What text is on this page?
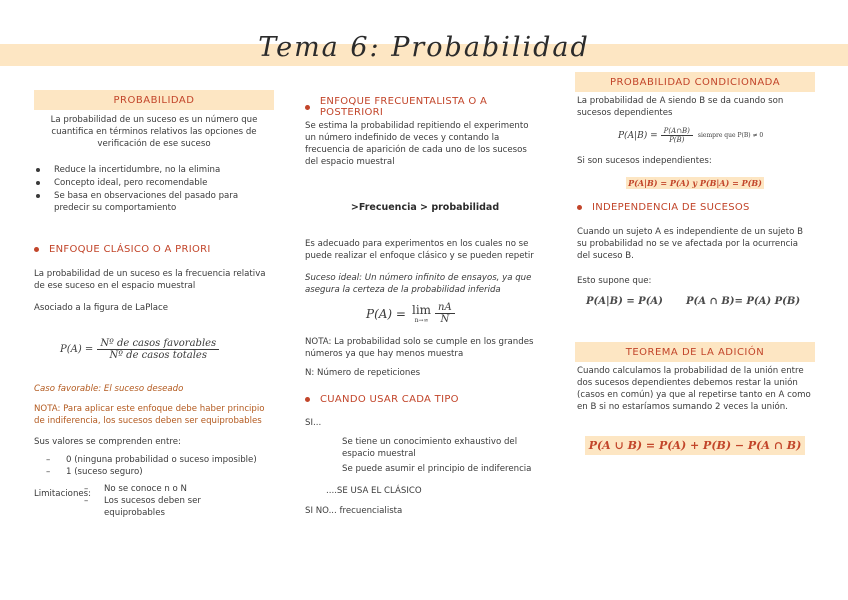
Tema 6: Probabilidad
PROBABILIDAD
La probabilidad de un suceso es un número que cuantifica en términos relativos las opciones de verificación de ese suceso
Reduce la incertidumbre, no la elimina
Concepto ideal, pero recomendable
Se basa en observaciones del pasado para predecir su comportamiento
ENFOQUE CLÁSICO O A PRIORI
La probabilidad de un suceso es la frecuencia relativa de ese suceso en el espacio muestral
Asociado a la figura de LaPlace
$P(A) = \frac{\text{Nº de casos favorables}}{\text{Nº de casos totales}}$
Caso favorable: El suceso deseado
NOTA: Para aplicar este enfoque debe haber principio de indiferencia, los sucesos deben ser equiprobables
Sus valores se comprenden entre:
– 0 (ninguna probabilidad o suceso imposible)
– 1 (suceso seguro)
Limitaciones:
–	No se conoce n o N
– Los sucesos deben ser equiprobables
ENFOQUE FRECUENTALISTA O A POSTERIORI
Se estima la probabilidad repitiendo el experimento un número indefinido de veces y contando la frecuencia de aparición de cada uno de los sucesos del espacio muestral
>Frecuencia > probabilidad
Es adecuado para experimentos en los cuales no se puede realizar el enfoque clásico y se pueden repetir
Suceso ideal: Un número infinito de ensayos, ya que asegura la certeza de la probabilidad inferida
P(A) = lim
$n\to\infty \frac{nA}{N}$
NOTA: La probabilidad solo se cumple en los grandes números ya que hay menos muestra
N: Número de repeticiones
CUANDO USAR CADA TIPO
SI...
Se tiene un conocimiento exhaustivo del espacio muestral
Se puede asumir el principio de indiferencia
....SE USA EL CLÁSICO
SI NO... frecuencialista
PROBABILIDAD CONDICIONADA
La probabilidad de A siendo B se da cuando son sucesos dependientes
$P(A|B) = \frac{P(A\cap B)}{P(B)}$ siempre que P(B) ≠ 0
Si son sucesos independientes:
P(A|B) = P(A) y P(B|A) = P(B)
INDEPENDENCIA DE SUCESOS
Cuando un sujeto A es independiente de un sujeto B su probabilidad no se ve afectada por la ocurrencia del suceso B.
Esto supone que:
P(A|B) = P(A) P(A ∩ B)= P(A) P(B)
TEOREMA DE LA ADICIÓN
Cuando calculamos la probabilidad de la unión entre dos sucesos dependientes debemos restar la unión (casos en común) ya que al repetirse tanto en A como en B si no estaríamos sumando 2 veces la unión.
P(A ∪ B) = P(A) + P(B) − P(A ∩ B)
